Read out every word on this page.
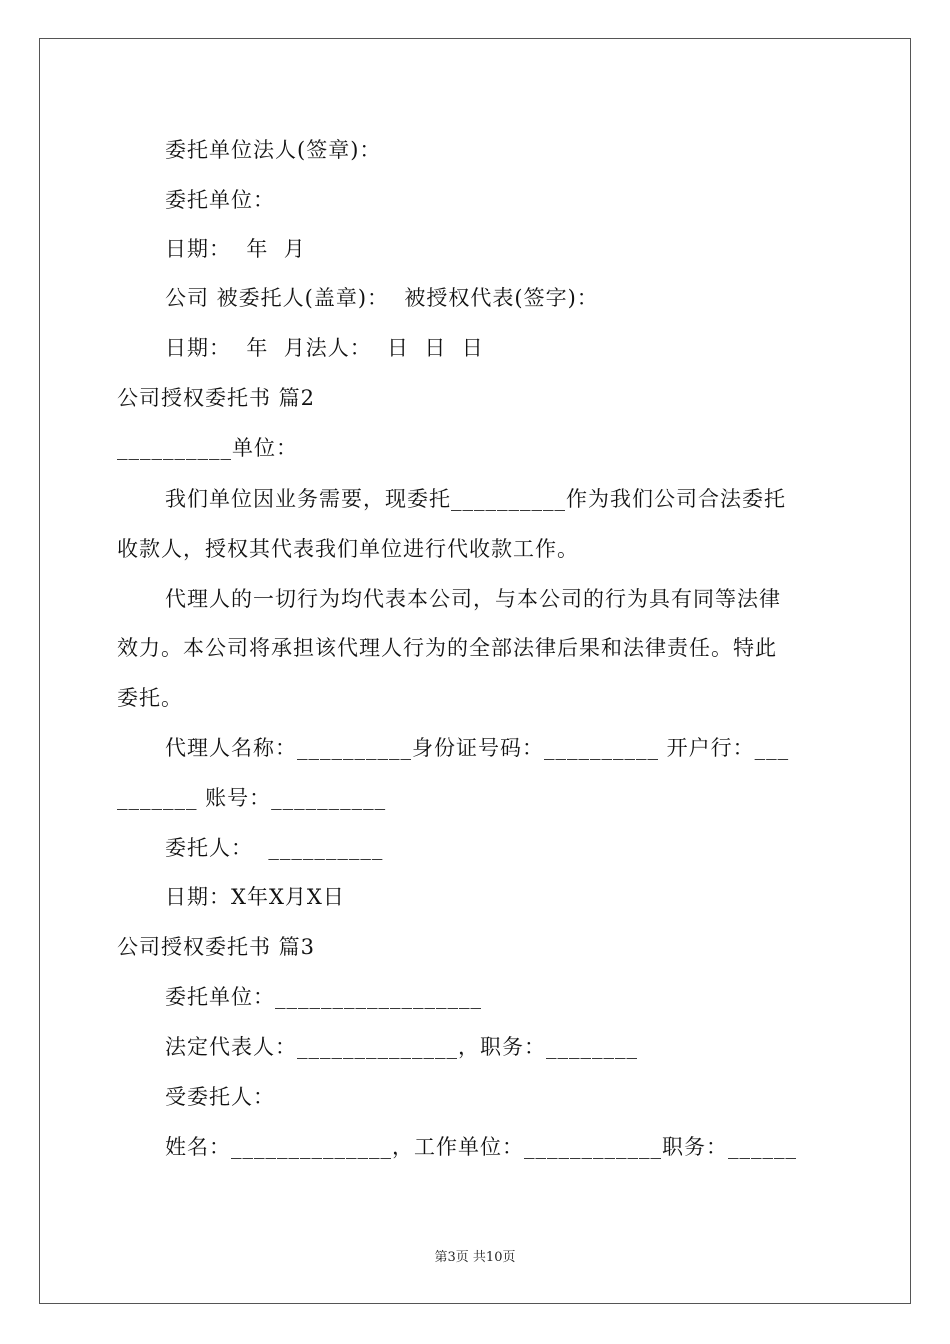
委托单位法人(签章)：
委托单位：
日期：  年  月
公司 被委托人(盖章)：  被授权代表(签字)：
日期：  年  月法人：  日  日  日
公司授权委托书 篇2
__________单位：
我们单位因业务需要，现委托__________作为我们公司合法委托
收款人，授权其代表我们单位进行代收款工作。
代理人的一切行为均代表本公司，与本公司的行为具有同等法律
效力。本公司将承担该代理人行为的全部法律后果和法律责任。特此
委托。
代理人名称：__________身份证号码：__________ 开户行：___
_______ 账号：__________
委托人：  __________
日期：X年X月X日
公司授权委托书 篇3
委托单位：__________________
法定代表人：______________，职务：________
受委托人：
姓名：______________，工作单位：____________职务：______
第3页 共10页
